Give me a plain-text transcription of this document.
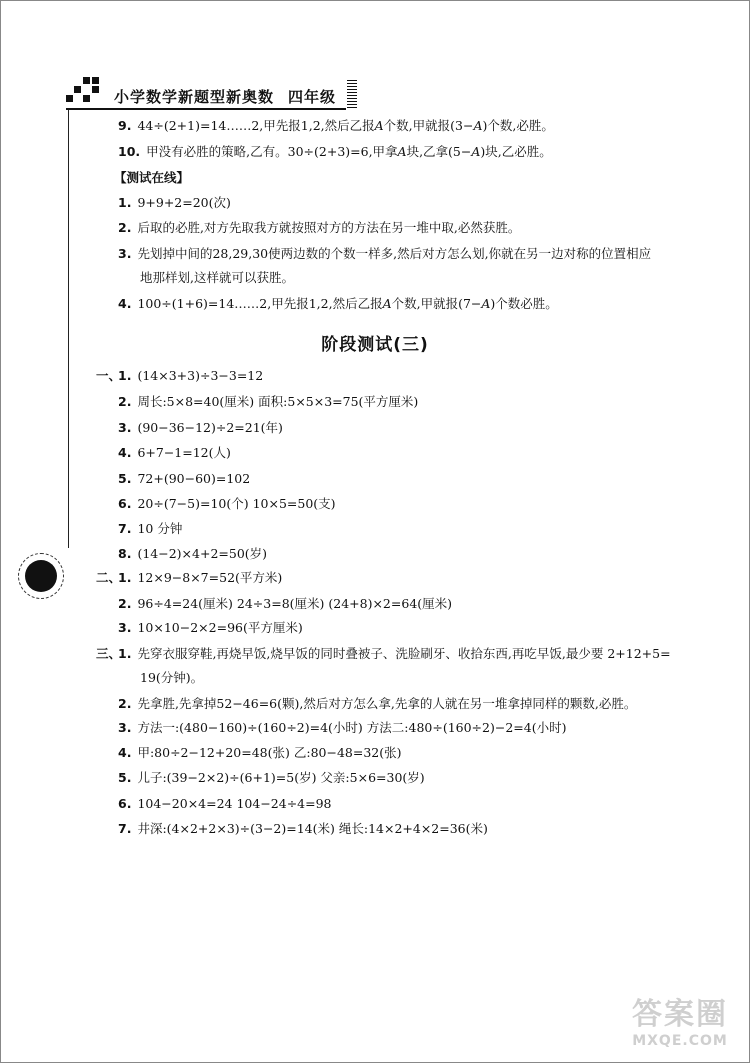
小学数学新题型新奥数 四年级
9. 44÷(2+1)=14……2,甲先报1,2,然后乙报A个数,甲就报(3−A)个数,必胜。
10. 甲没有必胜的策略,乙有。30÷(2+3)=6,甲拿A块,乙拿(5−A)块,乙必胜。
【测试在线】
1. 9+9+2=20(次)
2. 后取的必胜,对方先取我方就按照对方的方法在另一堆中取,必然获胜。
3. 先划掉中间的28,29,30使两边数的个数一样多,然后对方怎么划,你就在另一边对称的位置相应
地那样划,这样就可以获胜。
4. 100÷(1+6)=14……2,甲先报1,2,然后乙报A个数,甲就报(7−A)个数必胜。
阶段测试(三)
一、
1. (14×3+3)÷3−3=12
2. 周长:5×8=40(厘米) 面积:5×5×3=75(平方厘米)
3. (90−36−12)÷2=21(年)
4. 6+7−1=12(人)
5. 72+(90−60)=102
6. 20÷(7−5)=10(个) 10×5=50(支)
7. 10 分钟
8. (14−2)×4+2=50(岁)
二、
1. 12×9−8×7=52(平方米)
2. 96÷4=24(厘米) 24÷3=8(厘米) (24+8)×2=64(厘米)
3. 10×10−2×2=96(平方厘米)
三、
1. 先穿衣服穿鞋,再烧早饭,烧早饭的同时叠被子、洗脸刷牙、收拾东西,再吃早饭,最少要 2+12+5=
19(分钟)。
2. 先拿胜,先拿掉52−46=6(颗),然后对方怎么拿,先拿的人就在另一堆拿掉同样的颗数,必胜。
3. 方法一:(480−160)÷(160÷2)=4(小时) 方法二:480÷(160÷2)−2=4(小时)
4. 甲:80÷2−12+20=48(张) 乙:80−48=32(张)
5. 儿子:(39−2×2)÷(6+1)=5(岁) 父亲:5×6=30(岁)
6. 104−20×4=24 104−24÷4=98
7. 井深:(4×2+2×3)÷(3−2)=14(米) 绳长:14×2+4×2=36(米)
答案圈
MXQE.COM
